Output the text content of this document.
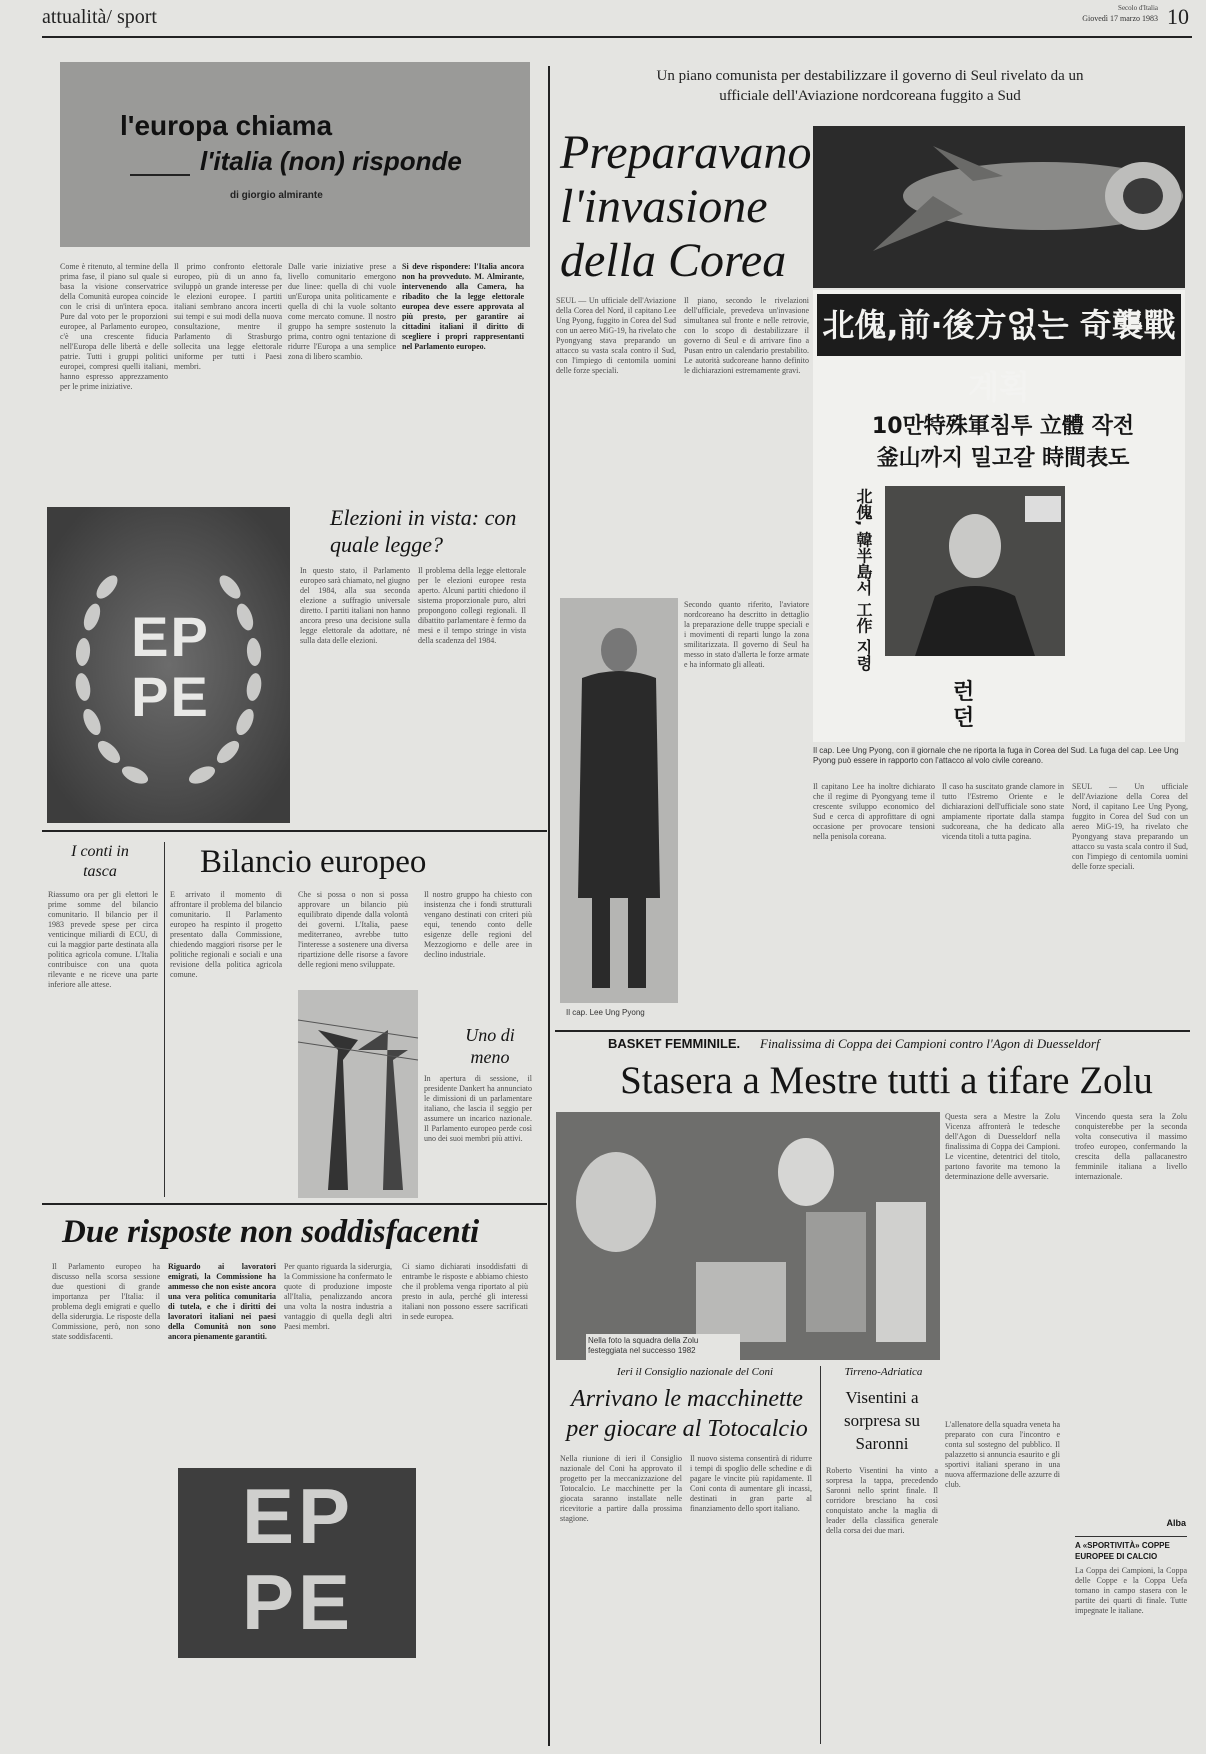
attualità/ sport	Secolo d'Italia
Giovedì 17 marzo 1983 10
l'europa chiama
l'italia (non) risponde
di giorgio almirante
Come è ritenuto, al termine della prima fase, il piano sul quale si basa la visione conservatrice della Comunità europea coincide con le crisi di un'intera epoca. Pure dal voto per le proporzioni europee, al Parlamento europeo, c'è una crescente fiducia nell'Europa delle libertà e delle patrie. Tutti i gruppi politici europei, compresi quelli italiani, hanno espresso apprezzamento per le prime iniziative.
Il primo confronto elettorale europeo, più di un anno fa, sviluppò un grande interesse per le elezioni europee. I partiti italiani sembrano ancora incerti sui tempi e sui modi della nuova consultazione, mentre il Parlamento di Strasburgo sollecita una legge elettorale uniforme per tutti i Paesi membri.
Dalle varie iniziative prese a livello comunitario emergono due linee: quella di chi vuole un'Europa unita politicamente e quella di chi la vuole soltanto come mercato comune. Il nostro gruppo ha sempre sostenuto la prima, contro ogni tentazione di ridurre l'Europa a una semplice zona di libero scambio.
Si deve rispondere: l'Italia ancora non ha provveduto. M. Almirante, intervenendo alla Camera, ha ribadito che la legge elettorale europea deve essere approvata al più presto, per garantire ai cittadini italiani il diritto di scegliere i propri rappresentanti nel Parlamento europeo.
EP
PE
Elezioni in vista: con quale legge?
In questo stato, il Parlamento europeo sarà chiamato, nel giugno del 1984, alla sua seconda elezione a suffragio universale diretto. I partiti italiani non hanno ancora preso una decisione sulla legge elettorale da adottare, né sulla data delle elezioni.
Il problema della legge elettorale per le elezioni europee resta aperto. Alcuni partiti chiedono il sistema proporzionale puro, altri propongono collegi regionali. Il dibattito parlamentare è fermo da mesi e il tempo stringe in vista della scadenza del 1984.
I conti in tasca
Riassumo ora per gli elettori le prime somme del bilancio comunitario. Il bilancio per il 1983 prevede spese per circa venticinque miliardi di ECU, di cui la maggior parte destinata alla politica agricola comune. L'Italia contribuisce con una quota rilevante e ne riceve una parte inferiore alle attese.
Bilancio europeo
E arrivato il momento di affrontare il problema del bilancio comunitario. Il Parlamento europeo ha respinto il progetto presentato dalla Commissione, chiedendo maggiori risorse per le politiche regionali e sociali e una revisione della politica agricola comune.
Che si possa o non si possa approvare un bilancio più equilibrato dipende dalla volontà dei governi. L'Italia, paese mediterraneo, avrebbe tutto l'interesse a sostenere una diversa ripartizione delle risorse a favore delle regioni meno sviluppate.
Il nostro gruppo ha chiesto con insistenza che i fondi strutturali vengano destinati con criteri più equi, tenendo conto delle esigenze delle regioni del Mezzogiorno e delle aree in declino industriale.
Uno di meno
In apertura di sessione, il presidente Dankert ha annunciato le dimissioni di un parlamentare italiano, che lascia il seggio per assumere un incarico nazionale. Il Parlamento europeo perde così uno dei suoi membri più attivi.
Due risposte non soddisfacenti
Il Parlamento europeo ha discusso nella scorsa sessione due questioni di grande importanza per l'Italia: il problema degli emigrati e quello della siderurgia. Le risposte della Commissione, però, non sono state soddisfacenti.
Riguardo ai lavoratori emigrati, la Commissione ha ammesso che non esiste ancora una vera politica comunitaria di tutela, e che i diritti dei lavoratori italiani nei paesi della Comunità non sono ancora pienamente garantiti.
Per quanto riguarda la siderurgia, la Commissione ha confermato le quote di produzione imposte all'Italia, penalizzando ancora una volta la nostra industria a vantaggio di quella degli altri Paesi membri.
Ci siamo dichiarati insoddisfatti di entrambe le risposte e abbiamo chiesto che il problema venga riportato al più presto in aula, perché gli interessi italiani non possono essere sacrificati in sede europea.
EP
PE
Un piano comunista per destabilizzare il governo di Seul rivelato da un ufficiale dell'Aviazione nordcoreana fuggito a Sud
Preparavano l'invasione della Corea
SEUL — Un ufficiale dell'Aviazione della Corea del Nord, il capitano Lee Ung Pyong, fuggito in Corea del Sud con un aereo MiG-19, ha rivelato che Pyongyang stava preparando un attacco su vasta scala contro il Sud, con l'impiego di centomila uomini delle forze speciali.
Il piano, secondo le rivelazioni dell'ufficiale, prevedeva un'invasione simultanea sul fronte e nelle retrovie, con lo scopo di destabilizzare il governo di Seul e di arrivare fino a Pusan entro un calendario prestabilito. Le autorità sudcoreane hanno definito le dichiarazioni estremamente gravi.
北傀,前·後方없는 奇襲戰계획
10만特殊軍침투 立體 작전
釜山까지 밀고갈 時間表도
北傀, 韓半島서 工作 지령
런 던
Il cap. Lee Ung Pyong
Secondo quanto riferito, l'aviatore nordcoreano ha descritto in dettaglio la preparazione delle truppe speciali e i movimenti di reparti lungo la zona smilitarizzata. Il governo di Seul ha messo in stato d'allerta le forze armate e ha informato gli alleati.
Il cap. Lee Ung Pyong, con il giornale che ne riporta la fuga in Corea del Sud. La fuga del cap. Lee Ung Pyong può essere in rapporto con l'attacco al volo civile coreano.
Il capitano Lee ha inoltre dichiarato che il regime di Pyongyang teme il crescente sviluppo economico del Sud e cerca di approfittare di ogni occasione per provocare tensioni nella penisola coreana.
Il caso ha suscitato grande clamore in tutto l'Estremo Oriente e le dichiarazioni dell'ufficiale sono state ampiamente riportate dalla stampa sudcoreana, che ha dedicato alla vicenda titoli a tutta pagina.
SEUL — Un ufficiale dell'Aviazione della Corea del Nord, il capitano Lee Ung Pyong, fuggito in Corea del Sud con un aereo MiG-19, ha rivelato che Pyongyang stava preparando un attacco su vasta scala contro il Sud, con l'impiego di centomila uomini delle forze speciali.
BASKET FEMMINILE.	Finalissima di Coppa dei Campioni contro l'Agon di Duesseldorf
Stasera a Mestre tutti a tifare Zolu
Nella foto la squadra della Zolu festeggiata nel successo 1982
Questa sera a Mestre la Zolu Vicenza affronterà le tedesche dell'Agon di Duesseldorf nella finalissima di Coppa dei Campioni. Le vicentine, detentrici del titolo, partono favorite ma temono la determinazione delle avversarie.
L'allenatore della squadra veneta ha preparato con cura l'incontro e conta sul sostegno del pubblico. Il palazzetto si annuncia esaurito e gli sportivi italiani sperano in una nuova affermazione delle azzurre di club.
Vincendo questa sera la Zolu conquisterebbe per la seconda volta consecutiva il massimo trofeo europeo, confermando la crescita della pallacanestro femminile italiana a livello internazionale.
Alba
A «SPORTIVITÀ» COPPE EUROPEE DI CALCIO
La Coppa dei Campioni, la Coppa delle Coppe e la Coppa Uefa tornano in campo stasera con le partite dei quarti di finale. Tutte impegnate le italiane.
Ieri il Consiglio nazionale del Coni
Arrivano le macchinette per giocare al Totocalcio
Nella riunione di ieri il Consiglio nazionale del Coni ha approvato il progetto per la meccanizzazione del Totocalcio. Le macchinette per la giocata saranno installate nelle ricevitorie a partire dalla prossima stagione.
Il nuovo sistema consentirà di ridurre i tempi di spoglio delle schedine e di pagare le vincite più rapidamente. Il Coni conta di aumentare gli incassi, destinati in gran parte al finanziamento dello sport italiano.
Tirreno-Adriatica
Visentini a sorpresa su Saronni
Roberto Visentini ha vinto a sorpresa la tappa, precedendo Saronni nello sprint finale. Il corridore bresciano ha così conquistato anche la maglia di leader della classifica generale della corsa dei due mari.
